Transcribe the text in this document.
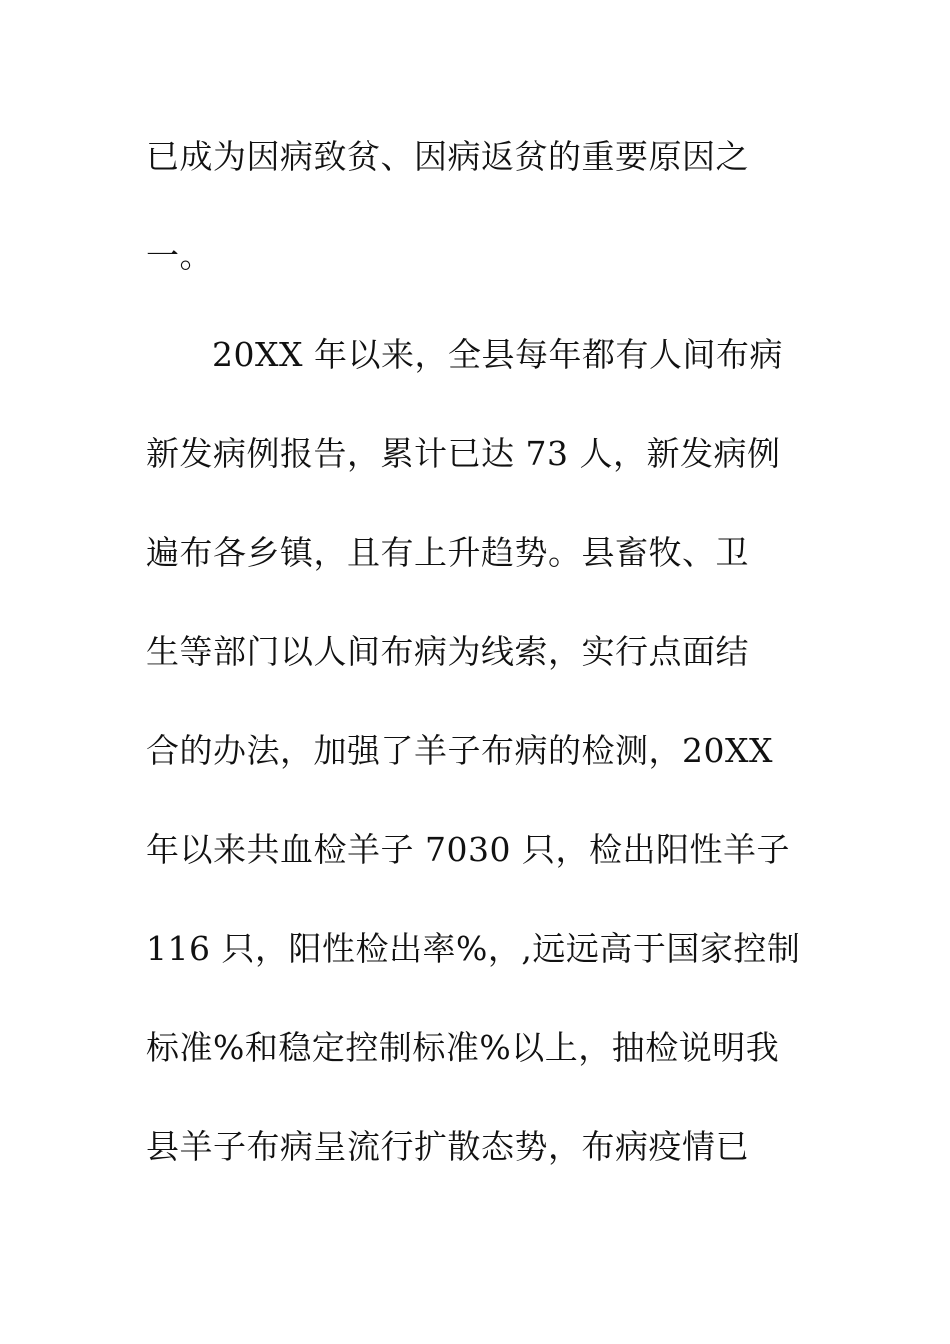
已成为因病致贫、因病返贫的重要原因之
一。
20XX 年以来，全县每年都有人间布病
新发病例报告，累计已达 73 人，新发病例
遍布各乡镇，且有上升趋势。县畜牧、卫
生等部门以人间布病为线索，实行点面结
合的办法，加强了羊子布病的检测，20XX
年以来共血检羊子 7030 只，检出阳性羊子
116 只，阳性检出率%，,远远高于国家控制
标准%和稳定控制标准%以上，抽检说明我
县羊子布病呈流行扩散态势，布病疫情已
